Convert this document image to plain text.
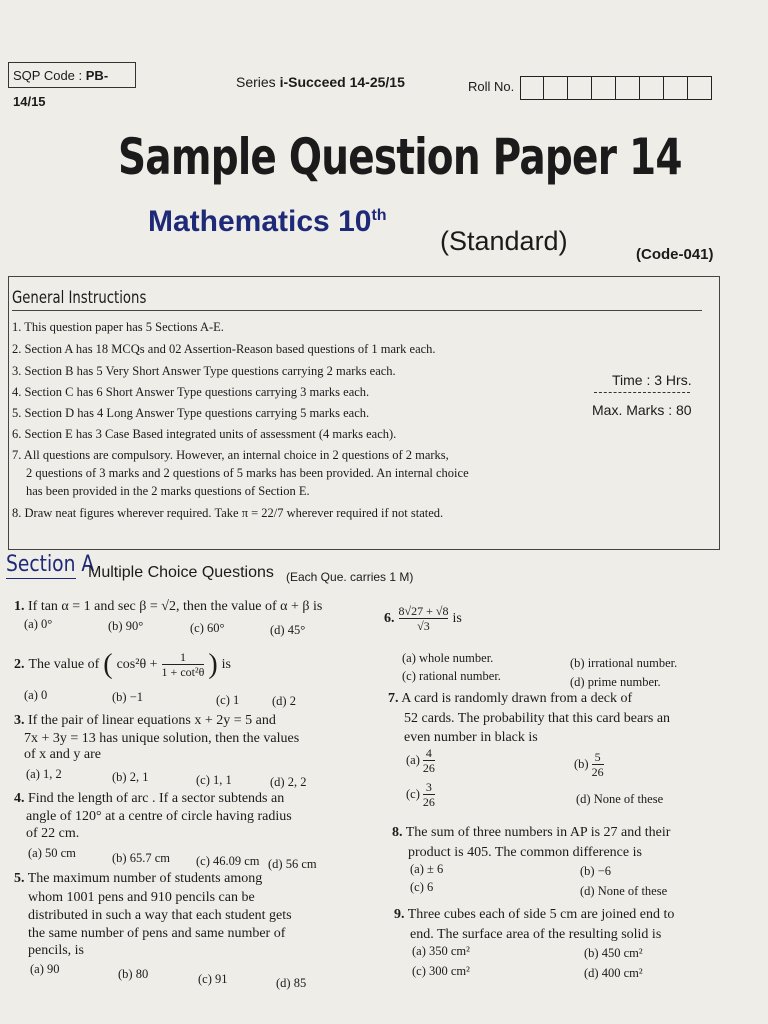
SQP Code : PB-14/15
Series i-Succeed 14-25/15	Roll No.
Sample Question Paper 14
Mathematics 10th
(Standard)	(Code-041)
General Instructions
1. This question paper has 5 Sections A-E.
2. Section A has 18 MCQs and 02 Assertion-Reason based questions of 1 mark each.
3. Section B has 5 Very Short Answer Type questions carrying 2 marks each.
4. Section C has 6 Short Answer Type questions carrying 3 marks each.
5. Section D has 4 Long Answer Type questions carrying 5 marks each.
6. Section E has 3 Case Based integrated units of assessment (4 marks each).
7. All questions are compulsory. However, an internal choice in 2 questions of 2 marks,
2 questions of 3 marks and 2 questions of 5 marks has been provided. An internal choice
has been provided in the 2 marks questions of Section E.
8. Draw neat figures wherever required. Take π = 22/7 wherever required if not stated.
Time : 3 Hrs.
Max. Marks : 80
Section A
Multiple Choice Questions (Each Que. carries 1 M)
1. If tan α = 1 and sec β = √2, then the value of α + β is
(a) 0°	(b) 90°	(c) 60°	(d) 45°
2. The value of ( $\cos^2\theta + \frac{1}{\text{1 + cot²θ}}$ ) is
(a) 0	(b) −1	(c) 1	(d) 2
3. If the pair of linear equations x + 2y = 5 and
7x + 3y = 13 has unique solution, then the values
of x and y are
(a) 1, 2	(b) 2, 1	(c) 1, 1	(d) 2, 2
4. Find the length of arc . If a sector subtends an
angle of 120° at a centre of circle having radius
of 22 cm.
(a) 50 cm	(b) 65.7 cm (c) 46.09 cm (d) 56 cm
5. The maximum number of students among
whom 1001 pens and 910 pencils can be
distributed in such a way that each student gets
the same number of pens and same number of
pencils, is
(a) 90	(b) 80	(c) 91	(d) 85
6. $\frac{8√27 + √8}{√3}$ is
(a) whole number.	(b) irrational number.
(c) rational number.	(d) prime number.
7. A card is randomly drawn from a deck of
52 cards. The probability that this card bears an
even number in black is
$(a) \frac{4}{26}$	$(b) \frac{5}{26}$
$(c) \frac{3}{26}$	(d) None of these
8. The sum of three numbers in AP is 27 and their
product is 405. The common difference is
(a) ± 6	(b) −6
(c) 6	(d) None of these
9. Three cubes each of side 5 cm are joined end to
end. The surface area of the resulting solid is
(a) 350 cm²	(b) 450 cm²
(c) 300 cm²	(d) 400 cm²
